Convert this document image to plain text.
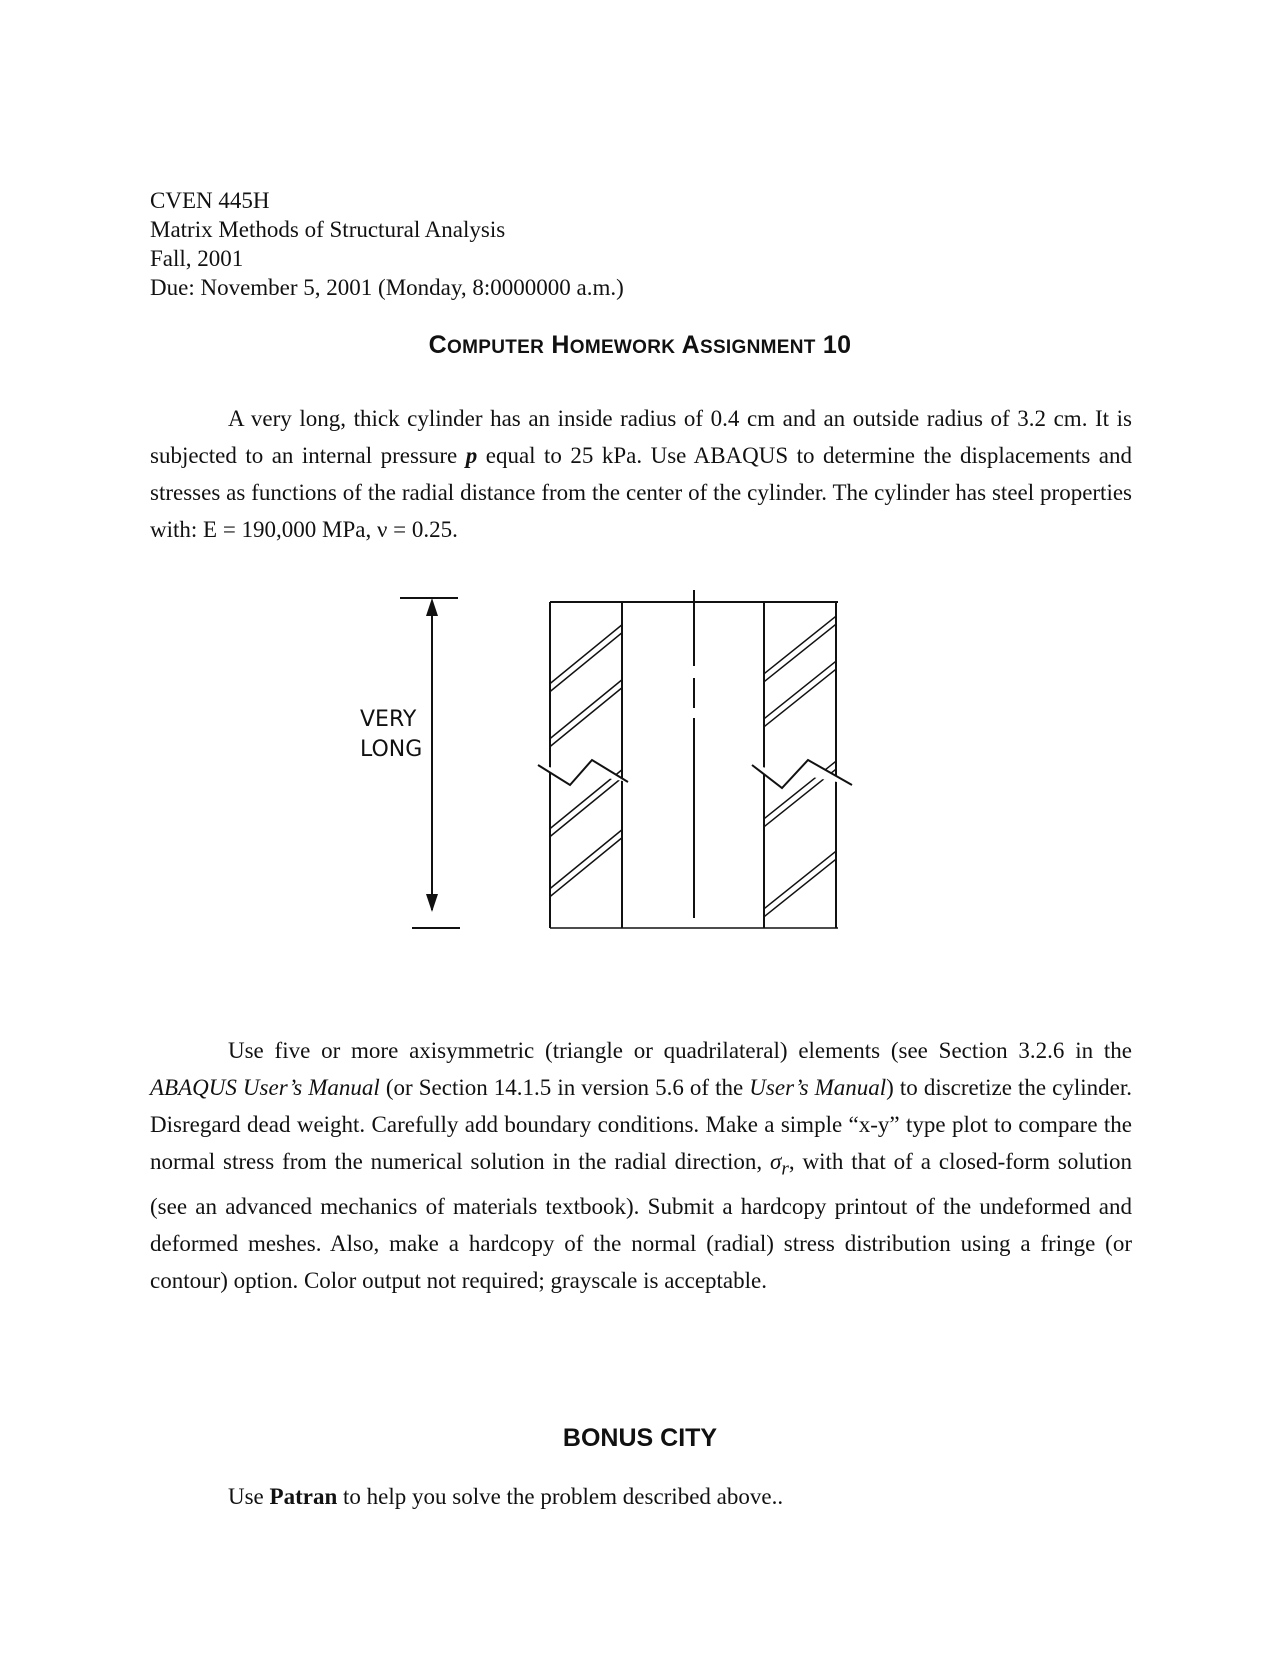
CVEN 445H
Matrix Methods of Structural Analysis
Fall, 2001
Due: November 5, 2001 (Monday, 8:0000000 a.m.)
COMPUTER HOMEWORK ASSIGNMENT 10
A very long, thick cylinder has an inside radius of 0.4 cm and an outside radius of 3.2 cm. It is subjected to an internal pressure p equal to 25 kPa. Use ABAQUS to determine the displacements and stresses as functions of the radial distance from the center of the cylinder. The cylinder has steel properties with: E = 190,000 MPa, ν = 0.25.
VERY
LONG
Use five or more axisymmetric (triangle or quadrilateral) elements (see Section 3.2.6 in the ABAQUS User’s Manual (or Section 14.1.5 in version 5.6 of the User’s Manual) to discretize the cylinder. Disregard dead weight. Carefully add boundary conditions. Make a simple “x-y” type plot to compare the normal stress from the numerical solution in the radial direction, $\sigma_r$, with that of a closed-form solution (see an advanced mechanics of materials textbook). Submit a hardcopy printout of the undeformed and deformed meshes. Also, make a hardcopy of the normal (radial) stress distribution using a fringe (or contour) option. Color output not required; grayscale is acceptable.
BONUS CITY
Use Patran to help you solve the problem described above..
